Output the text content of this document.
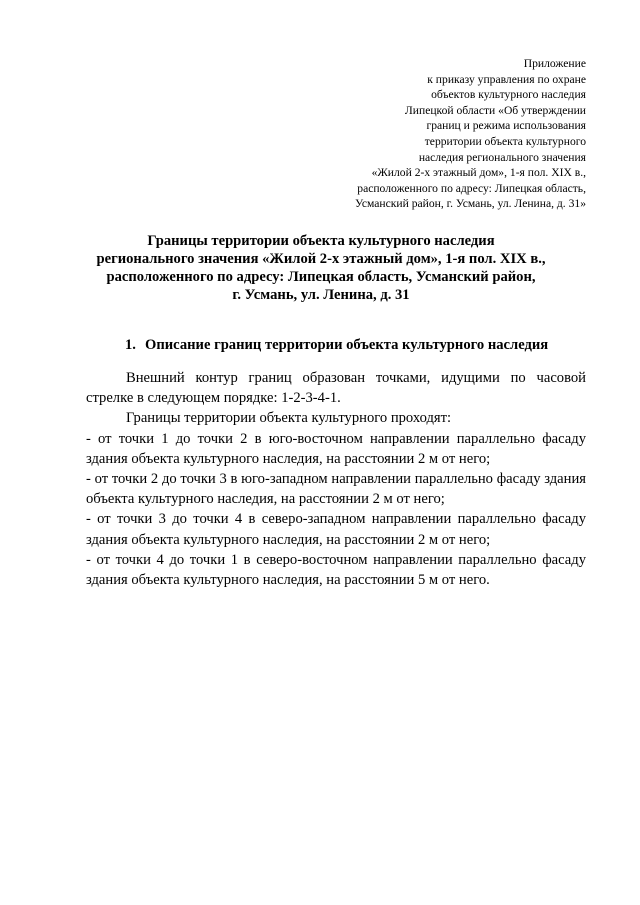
Приложение
к приказу управления по охране
объектов культурного наследия
Липецкой области «Об утверждении
границ и режима использования
территории объекта культурного
наследия регионального значения
«Жилой 2-х этажный дом», 1-я пол. XIX в.,
расположенного по адресу: Липецкая область,
Усманский район, г. Усмань, ул. Ленина, д. 31»
Границы территории объекта культурного наследия
регионального значения «Жилой 2-х этажный дом», 1-я пол. XIX в.,
расположенного по адресу: Липецкая область, Усманский район,
г. Усмань, ул. Ленина, д. 31
1. Описание границ территории объекта культурного наследия

Внешний контур границ образован точками, идущими по часовой стрелке в следующем порядке: 1-2-3-4-1.

Границы территории объекта культурного проходят:

- от точки 1 до точки 2 в юго-восточном направлении параллельно фасаду здания объекта культурного наследия, на расстоянии 2 м от него;

- от точки 2 до точки 3 в юго-западном направлении параллельно фасаду здания объекта культурного наследия, на расстоянии 2 м от него;

- от точки 3 до точки 4 в северо-западном направлении параллельно фасаду здания объекта культурного наследия, на расстоянии 2 м от него;

- от точки 4 до точки 1 в северо-восточном направлении параллельно фасаду здания объекта культурного наследия, на расстоянии 5 м от него.
